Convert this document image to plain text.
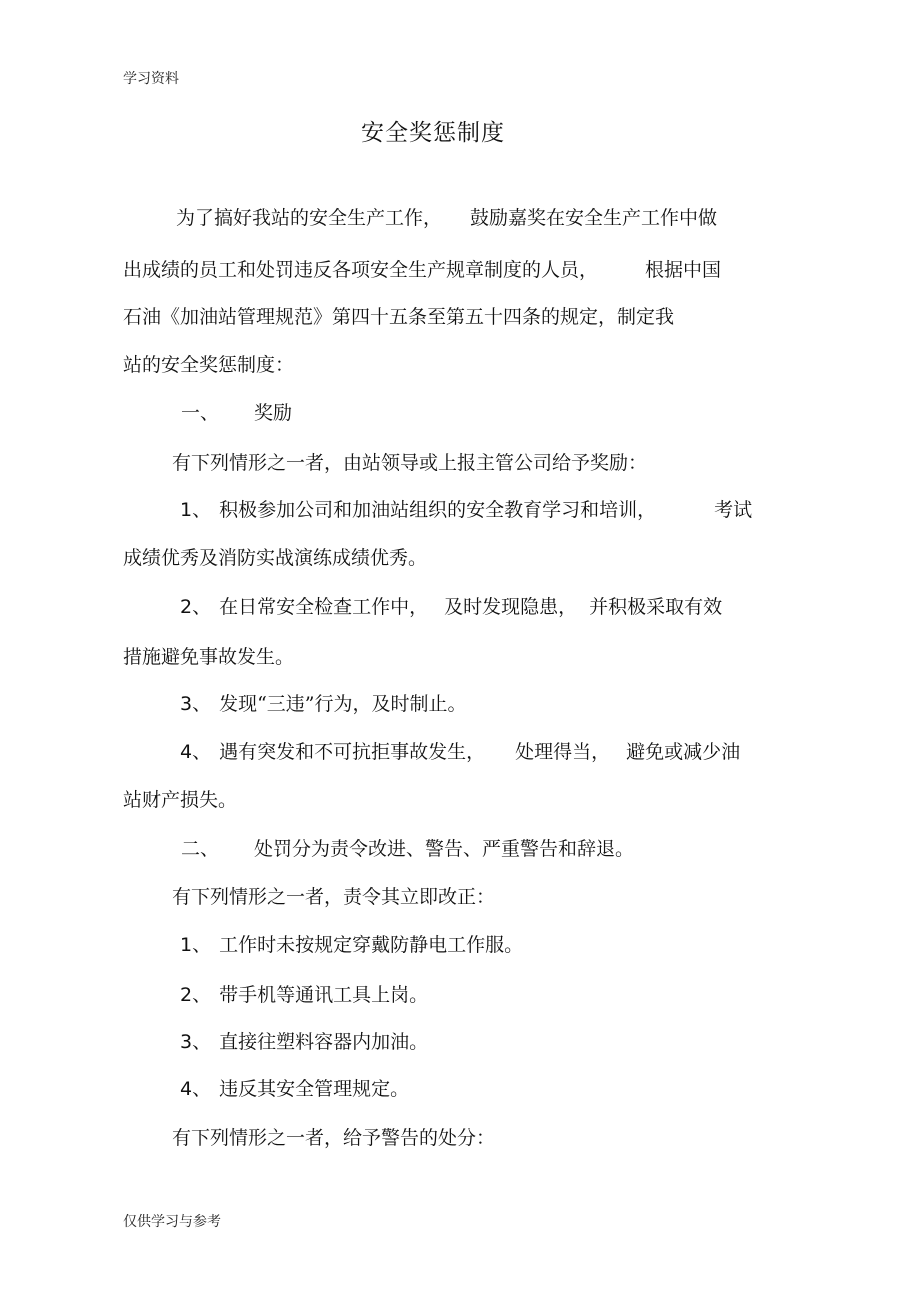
学习资料
安全奖惩制度
为了搞好我站的安全生产工作， 鼓励嘉奖在安全生产工作中做
出成绩的员工和处罚违反各项安全生产规章制度的人员， 根据中国
石油《加油站管理规范》第四十五条至第五十四条的规定，制定我
站的安全奖惩制度：
一、 奖励
有下列情形之一者，由站领导或上报主管公司给予奖励：
1、 积极参加公司和加油站组织的安全教育学习和培训，	考试
成绩优秀及消防实战演练成绩优秀。
2、 在日常安全检查工作中， 及时发现隐患， 并积极采取有效
措施避免事故发生。
3、 发现“三违”行为，及时制止。
4、 遇有突发和不可抗拒事故发生， 处理得当， 避免或减少油
站财产损失。
二、 处罚分为责令改进、警告、严重警告和辞退。
有下列情形之一者，责令其立即改正：
1、 工作时未按规定穿戴防静电工作服。
2、 带手机等通讯工具上岗。
3、 直接往塑料容器内加油。
4、 违反其安全管理规定。
有下列情形之一者，给予警告的处分：
仅供学习与参考
